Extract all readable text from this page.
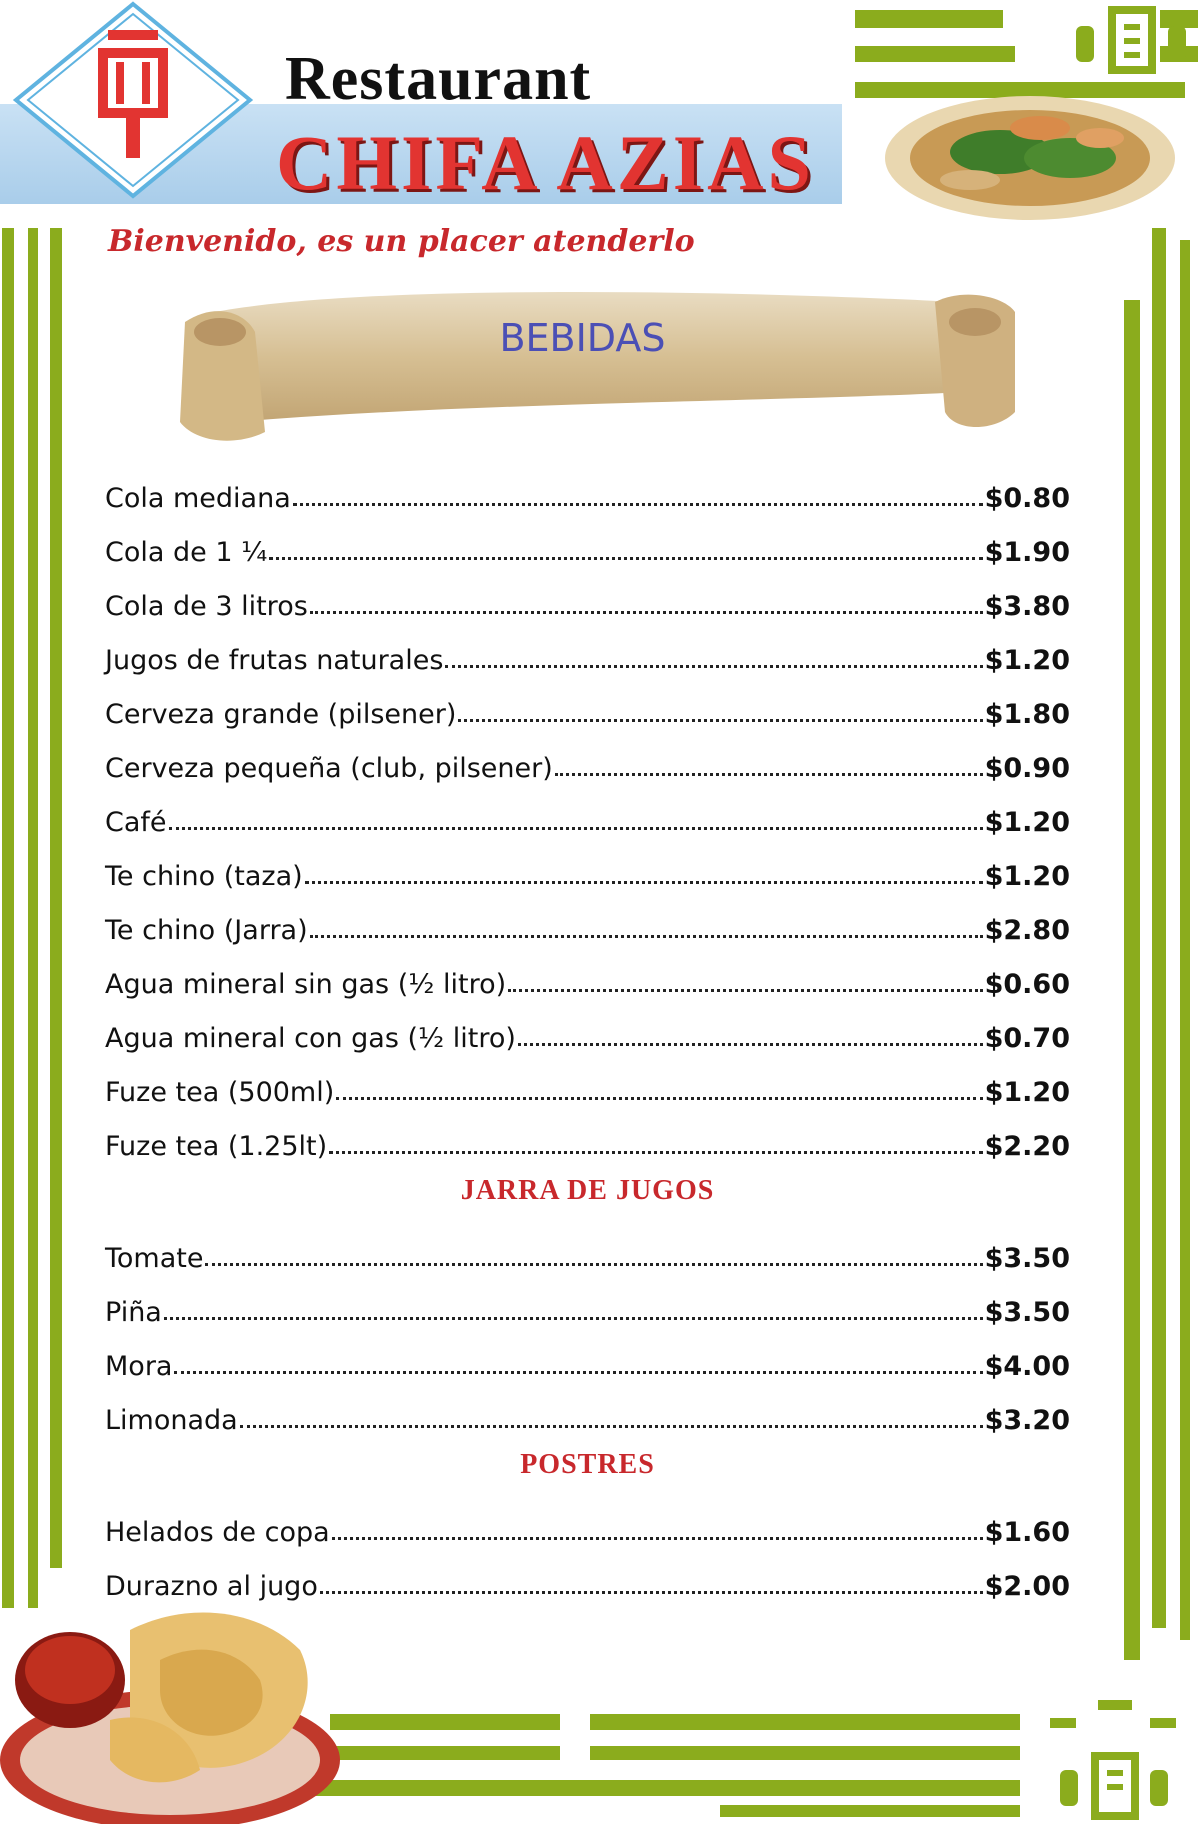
Restaurant
CHIFA AZIAS
Bienvenido, es un placer atenderlo
BEBIDAS
Cola mediana	$0.80
Cola de 1 ¼	$1.90
Cola de 3 litros	$3.80
Jugos de frutas naturales	$1.20
Cerveza grande (pilsener)	$1.80
Cerveza pequeña (club, pilsener)	$0.90
Café	$1.20
Te chino (taza)	$1.20
Te chino (Jarra)	$2.80
Agua mineral sin gas (½ litro)	$0.60
Agua mineral con gas (½ litro)	$0.70
Fuze tea (500ml)	$1.20
Fuze tea (1.25lt)	$2.20
JARRA DE JUGOS
Tomate	$3.50
Piña	$3.50
Mora	$4.00
Limonada	$3.20
POSTRES
Helados de copa	$1.60
Durazno al jugo	$2.00
